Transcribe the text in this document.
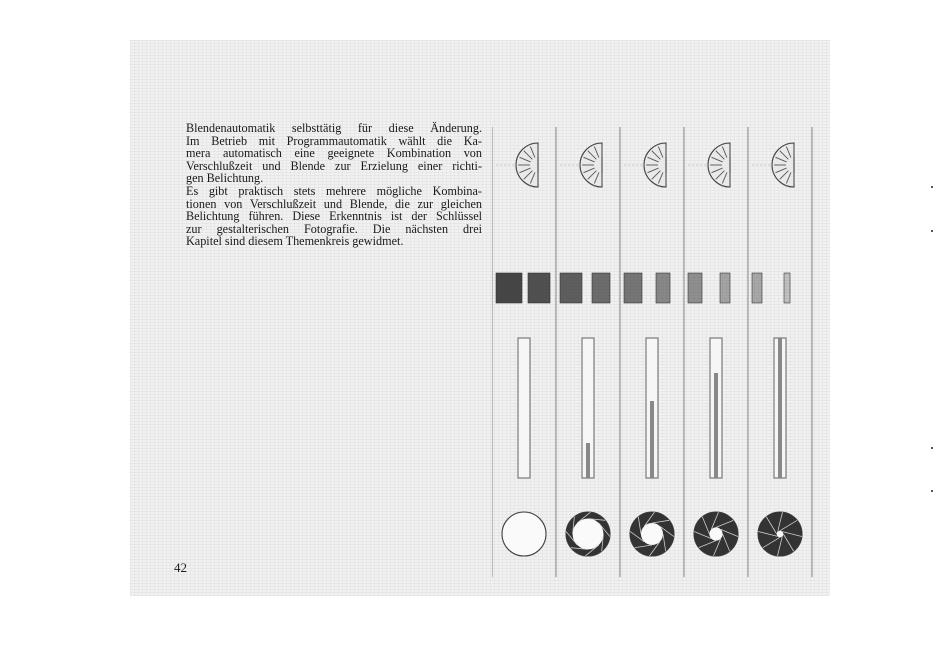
Blendenautomatik selbsttätig für diese Änderung.
Im Betrieb mit Programmautomatik wählt die Ka-
mera automatisch eine geeignete Kombination von
Verschlußzeit und Blende zur Erzielung einer richti-
gen Belichtung.

Es gibt praktisch stets mehrere mögliche Kombina-
tionen von Verschlußzeit und Blende, die zur gleichen
Belichtung führen. Diese Erkenntnis ist der Schlüssel
zur gestalterischen Fotografie. Die nächsten drei
Kapitel sind diesem Themenkreis gewidmet.

42
